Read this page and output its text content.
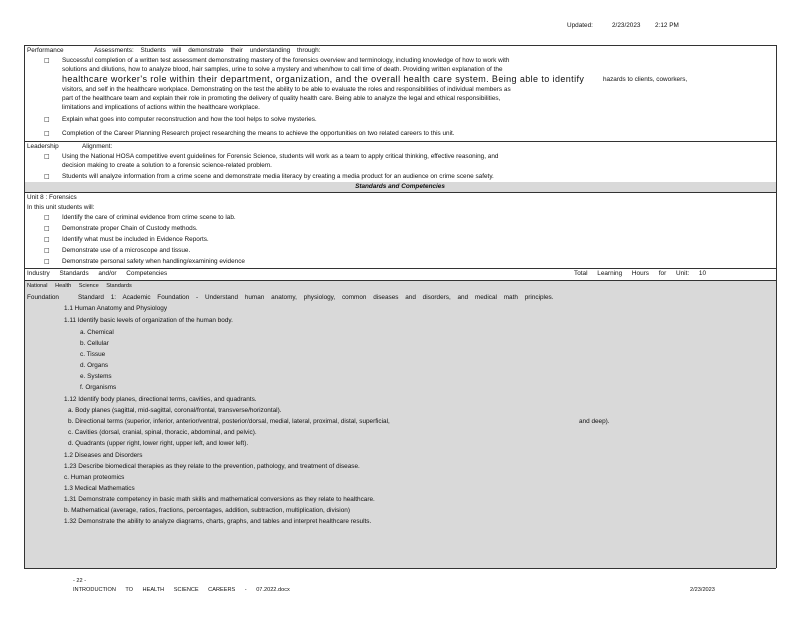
Updated:	2/23/2023 2:12 PM
Performance	Assessments: Students will demonstrate their understanding through:
□ Successful completion of a written test assessment demonstrating mastery of the forensics overview and terminology, including knowledge of how to work with
solutions and dilutions, how to analyze blood, hair samples, urine to solve a mystery and when/how to call time of death. Providing written explanation of the
healthcare worker's role within their department, organization, and the overall health care system. Being able to identify	hazards to clients, coworkers,
visitors, and self in the healthcare workplace. Demonstrating on the test the ability to be able to evaluate the roles and responsibilities of individual members as
part of the healthcare team and explain their role in promoting the delivery of quality health care. Being able to analyze the legal and ethical responsibilities,
limitations and implications of actions within the healthcare workplace.
□ Explain what goes into computer reconstruction and how the tool helps to solve mysteries.
□ Completion of the Career Planning Research project researching the means to achieve the opportunities on two related careers to this unit.
Leadership	Alignment:
□ Using the National HOSA competitive event guidelines for Forensic Science, students will work as a team to apply critical thinking, effective reasoning, and
decision making to create a solution to a forensic science-related problem.
□ Students will analyze information from a crime scene and demonstrate media literacy by creating a media product for an audience on crime scene safety.
Standards and Competencies
Unit 8 : Forensics
In this unit students will:
□ Identify the care of criminal evidence from crime scene to lab.
□ Demonstrate proper Chain of Custody methods.
□ Identify what must be included in Evidence Reports.
□ Demonstrate use of a microscope and tissue.
□ Demonstrate personal safety when handling/examining evidence
Industry Standards and/or Competencies	Total Learning Hours for Unit: 10
National Health Science Standards
Foundation	Standard 1: Academic Foundation - Understand human anatomy, physiology, common diseases and disorders, and medical math principles.
1.1 Human Anatomy and Physiology
1.11 Identify basic levels of organization of the human body.
a. Chemical
b. Cellular
c. Tissue
d. Organs
e. Systems
f. Organisms
1.12 Identify body planes, directional terms, cavities, and quadrants.
a. Body planes (sagittal, mid-sagittal, coronal/frontal, transverse/horizontal).
b. Directional terms (superior, inferior, anterior/ventral, posterior/dorsal, medial, lateral, proximal, distal, superficial,	and deep).
c. Cavities (dorsal, cranial, spinal, thoracic, abdominal, and pelvic).
d. Quadrants (upper right, lower right, upper left, and lower left).
1.2 Diseases and Disorders
1.23 Describe biomedical therapies as they relate to the prevention, pathology, and treatment of disease.
c. Human proteomics
1.3 Medical Mathematics
1.31 Demonstrate competency in basic math skills and mathematical conversions as they relate to healthcare.
b. Mathematical (average, ratios, fractions, percentages, addition, subtraction, multiplication, division)
1.32 Demonstrate the ability to analyze diagrams, charts, graphs, and tables and interpret healthcare results.
- 22 -
INTRODUCTION TO HEALTH SCIENCE CAREERS - 07.2022.docx	2/23/2023
